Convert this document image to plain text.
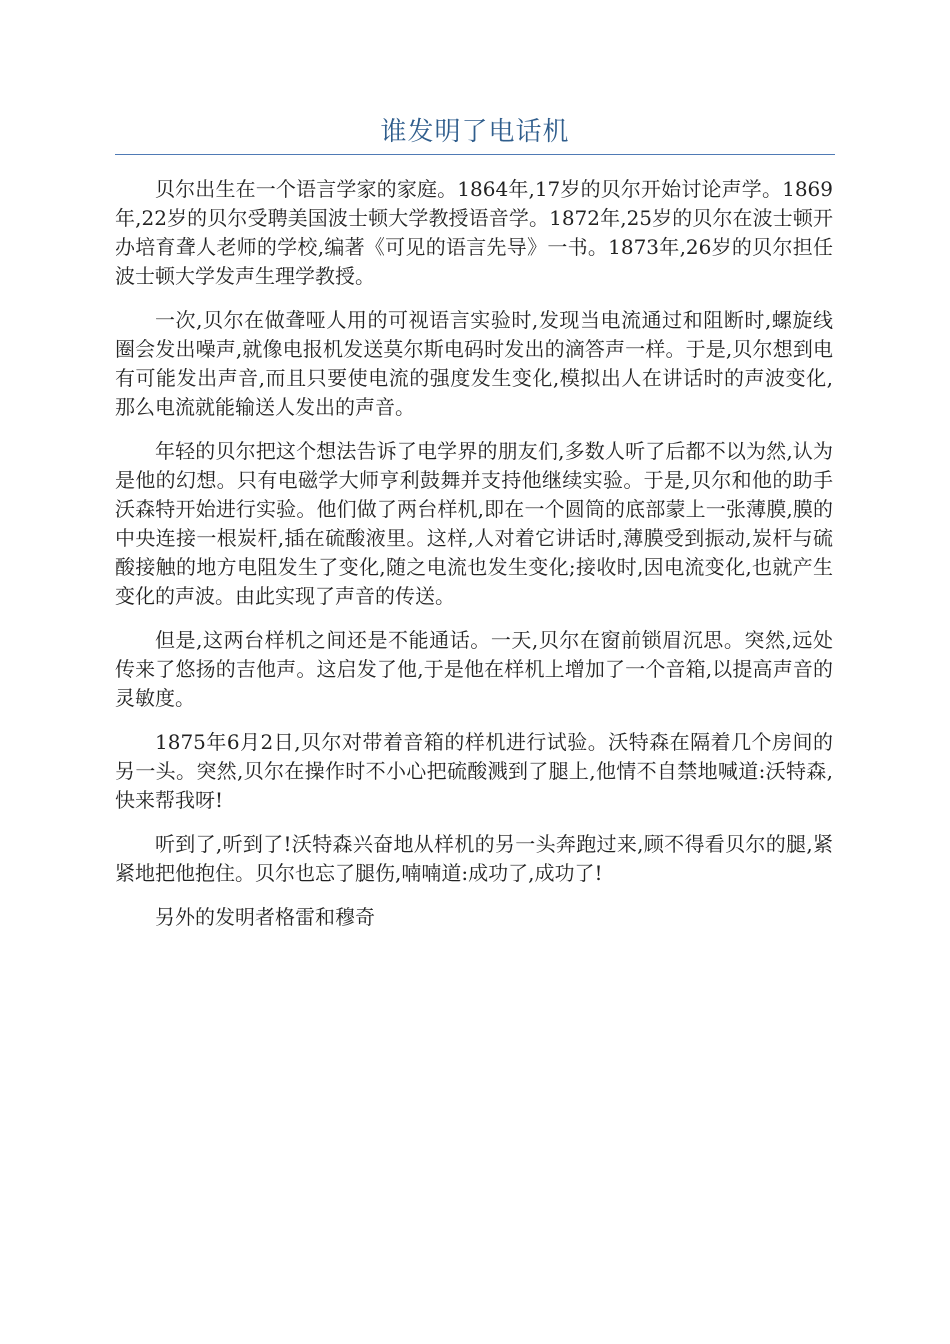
谁发明了电话机

贝尔出生在一个语言学家的家庭。1864年,17岁的贝尔开始讨论声学。1869年,22岁的贝尔受聘美国波士顿大学教授语音学。1872年,25岁的贝尔在波士顿开办培育聋人老师的学校,编著《可见的语言先导》一书。1873年,26岁的贝尔担任波士顿大学发声生理学教授。

一次,贝尔在做聋哑人用的可视语言实验时,发现当电流通过和阻断时,螺旋线圈会发出噪声,就像电报机发送莫尔斯电码时发出的滴答声一样。于是,贝尔想到电有可能发出声音,而且只要使电流的强度发生变化,模拟出人在讲话时的声波变化,那么电流就能输送人发出的声音。

年轻的贝尔把这个想法告诉了电学界的朋友们,多数人听了后都不以为然,认为是他的幻想。只有电磁学大师亨利鼓舞并支持他继续实验。于是,贝尔和他的助手沃森特开始进行实验。他们做了两台样机,即在一个圆筒的底部蒙上一张薄膜,膜的中央连接一根炭杆,插在硫酸液里。这样,人对着它讲话时,薄膜受到振动,炭杆与硫酸接触的地方电阻发生了变化,随之电流也发生变化;接收时,因电流变化,也就产生变化的声波。由此实现了声音的传送。

但是,这两台样机之间还是不能通话。一天,贝尔在窗前锁眉沉思。突然,远处传来了悠扬的吉他声。这启发了他,于是他在样机上增加了一个音箱,以提高声音的灵敏度。

1875年6月2日,贝尔对带着音箱的样机进行试验。沃特森在隔着几个房间的另一头。突然,贝尔在操作时不小心把硫酸溅到了腿上,他情不自禁地喊道:沃特森,快来帮我呀!

听到了,听到了!沃特森兴奋地从样机的另一头奔跑过来,顾不得看贝尔的腿,紧紧地把他抱住。贝尔也忘了腿伤,喃喃道:成功了,成功了!

另外的发明者格雷和穆奇
